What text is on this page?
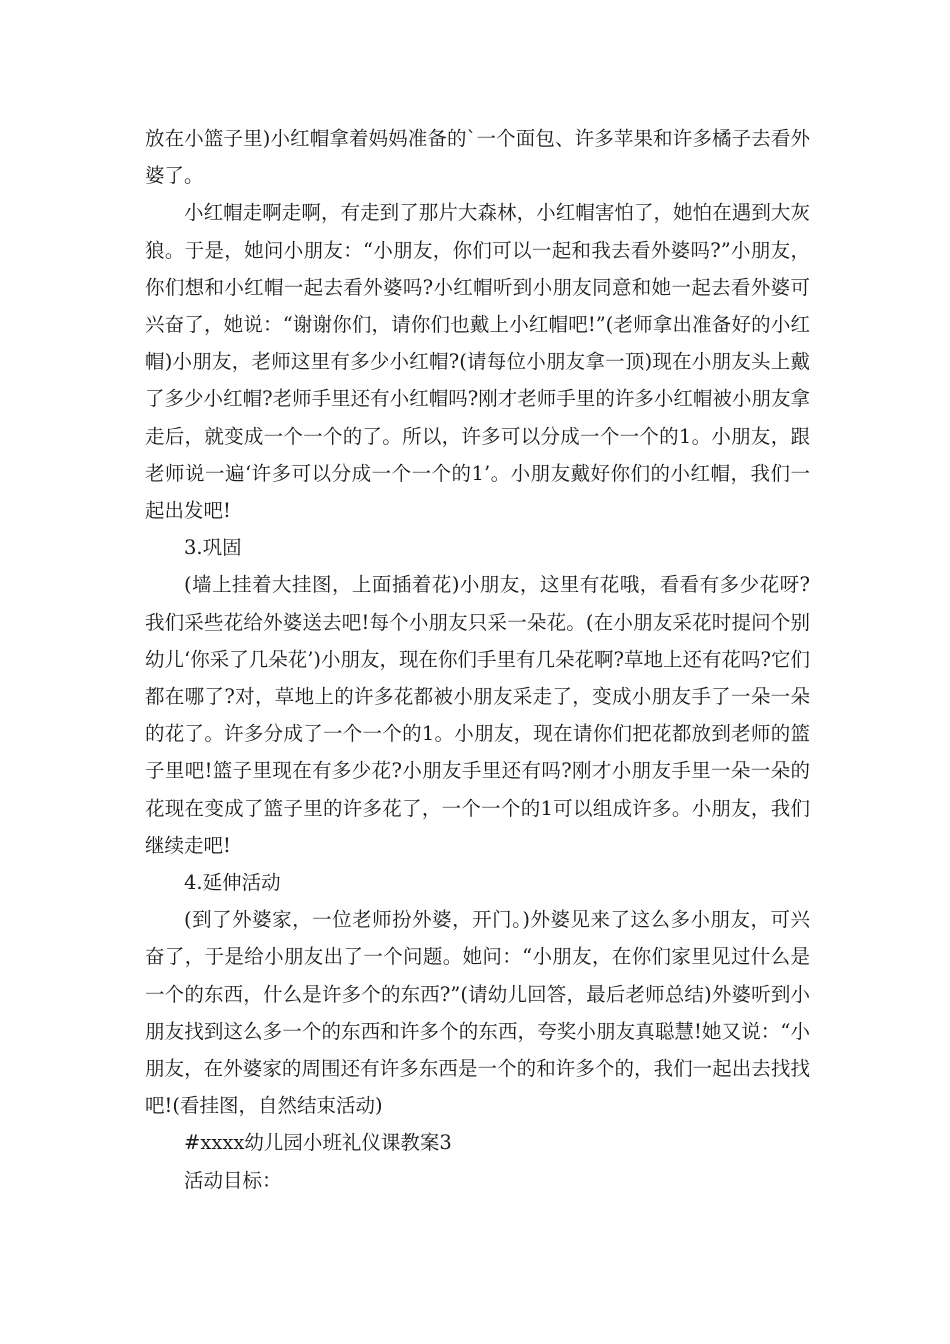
放在小篮子里)小红帽拿着妈妈准备的`一个面包、许多苹果和许多橘子去看外婆了。

小红帽走啊走啊，有走到了那片大森林，小红帽害怕了，她怕在遇到大灰狼。于是，她问小朋友：“小朋友，你们可以一起和我去看外婆吗?”小朋友，你们想和小红帽一起去看外婆吗?小红帽听到小朋友同意和她一起去看外婆可兴奋了，她说：“谢谢你们，请你们也戴上小红帽吧!”(老师拿出准备好的小红帽)小朋友，老师这里有多少小红帽?(请每位小朋友拿一顶)现在小朋友头上戴了多少小红帽?老师手里还有小红帽吗?刚才老师手里的许多小红帽被小朋友拿走后，就变成一个一个的了。所以，许多可以分成一个一个的1。小朋友，跟老师说一遍‘许多可以分成一个一个的1’。小朋友戴好你们的小红帽，我们一起出发吧!

3.巩固

(墙上挂着大挂图，上面插着花)小朋友，这里有花哦，看看有多少花呀?我们采些花给外婆送去吧!每个小朋友只采一朵花。(在小朋友采花时提问个别幼儿‘你采了几朵花’)小朋友，现在你们手里有几朵花啊?草地上还有花吗?它们都在哪了?对，草地上的许多花都被小朋友采走了，变成小朋友手了一朵一朵的花了。许多分成了一个一个的1。小朋友，现在请你们把花都放到老师的篮子里吧!篮子里现在有多少花?小朋友手里还有吗?刚才小朋友手里一朵一朵的花现在变成了篮子里的许多花了，一个一个的1可以组成许多。小朋友，我们继续走吧!

4.延伸活动

(到了外婆家，一位老师扮外婆，开门。)外婆见来了这么多小朋友，可兴奋了，于是给小朋友出了一个问题。她问：“小朋友，在你们家里见过什么是一个的东西，什么是许多个的东西?”(请幼儿回答，最后老师总结)外婆听到小朋友找到这么多一个的东西和许多个的东西，夸奖小朋友真聪慧!她又说：“小朋友，在外婆家的周围还有许多东西是一个的和许多个的，我们一起出去找找吧!(看挂图，自然结束活动)

#xxxx幼儿园小班礼仪课教案3

活动目标：
